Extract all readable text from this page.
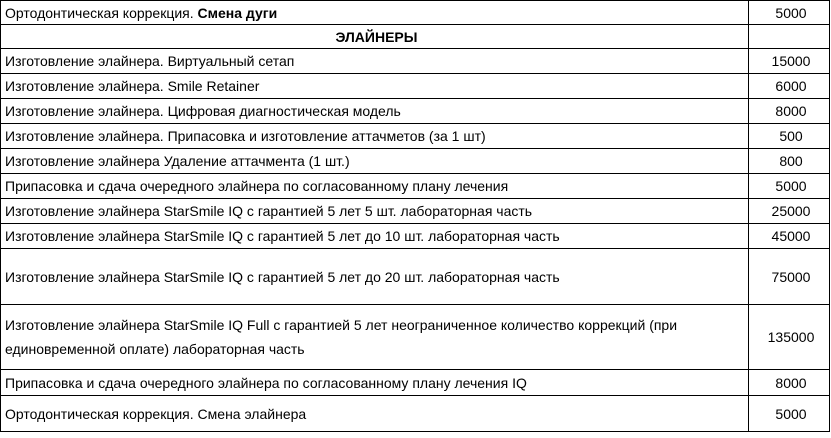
Ортодонтическая коррекция. Смена дуги	5000
ЭЛАЙНЕРЫ	
Изготовление элайнера. Виртуальный сетап	15000
Изготовление элайнера. Smile Retainer	6000
Изготовление элайнера. Цифровая диагностическая модель	8000
Изготовление элайнера. Припасовка и изготовление аттачметов (за 1 шт)	500
Изготовление элайнера Удаление аттачмента (1 шт.)	800
Припасовка и сдача очередного элайнера по согласованному плану лечения	5000
Изготовление элайнера StarSmile IQ с гарантией 5 лет 5 шт. лабораторная часть	25000
Изготовление элайнера StarSmile IQ с гарантией 5 лет до 10 шт. лабораторная часть	45000
Изготовление элайнера StarSmile IQ с гарантией 5 лет до 20 шт. лабораторная часть	75000

Изготовление элайнера StarSmile IQ Full с гарантией 5 лет неограниченное количество коррекций (при единовременной оплате) лабораторная часть	135000
Припасовка и сдача очередного элайнера по согласованному плану лечения IQ	8000
Ортодонтическая коррекция. Смена элайнера	5000
